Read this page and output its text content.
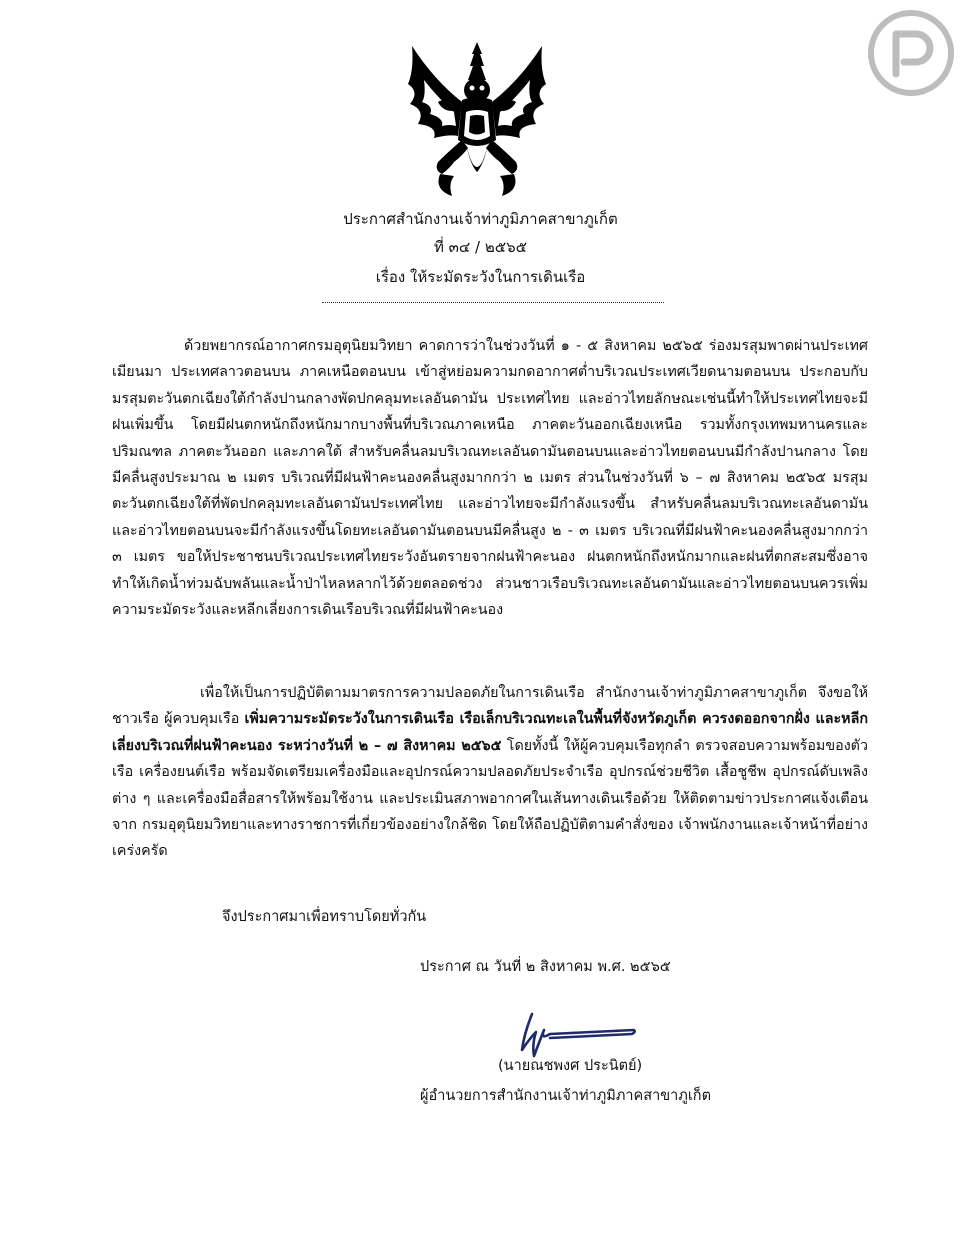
ประกาศสำนักงานเจ้าท่าภูมิภาคสาขาภูเก็ต
ที่ ๓๔ / ๒๕๖๕
เรื่อง ให้ระมัดระวังในการเดินเรือ
ด้วยพยากรณ์อากาศกรมอุตุนิยมวิทยา คาดการว่าในช่วงวันที่ ๑ - ๕ สิงหาคม ๒๕๖๕ ร่องมรสุมพาดผ่านประเทศเมียนมา ประเทศลาวตอนบน ภาคเหนือตอนบน เข้าสู่หย่อมความกดอากาศต่ำบริเวณประเทศเวียดนามตอนบน ประกอบกับมรสุมตะวันตกเฉียงใต้กำลังปานกลางพัดปกคลุมทะเลอันดามัน ประเทศไทย และอ่าวไทยลักษณะเช่นนี้ทำให้ประเทศไทยจะมีฝนเพิ่มขึ้น โดยมีฝนตกหนักถึงหนักมากบางพื้นที่บริเวณภาคเหนือ ภาคตะวันออกเฉียงเหนือ รวมทั้งกรุงเทพมหานครและปริมณฑล ภาคตะวันออก และภาคใต้ สำหรับคลื่นลมบริเวณทะเลอันดามันตอนบนและอ่าวไทยตอนบนมีกำลังปานกลาง โดยมีคลื่นสูงประมาณ ๒ เมตร บริเวณที่มีฝนฟ้าคะนองคลื่นสูงมากกว่า ๒ เมตร ส่วนในช่วงวันที่ ๖ – ๗ สิงหาคม ๒๕๖๕ มรสุมตะวันตกเฉียงใต้ที่พัดปกคลุมทะเลอันดามันประเทศไทย และอ่าวไทยจะมีกำลังแรงขึ้น สำหรับคลื่นลมบริเวณทะเลอันดามันและอ่าวไทยตอนบนจะมีกำลังแรงขึ้นโดยทะเลอันดามันตอนบนมีคลื่นสูง ๒ - ๓ เมตร บริเวณที่มีฝนฟ้าคะนองคลื่นสูงมากกว่า ๓ เมตร ขอให้ประชาชนบริเวณประเทศไทยระวังอันตรายจากฝนฟ้าคะนอง ฝนตกหนักถึงหนักมากและฝนที่ตกสะสมซึ่งอาจทำให้เกิดน้ำท่วมฉับพลันและน้ำป่าไหลหลากไว้ด้วยตลอดช่วง ส่วนชาวเรือบริเวณทะเลอันดามันและอ่าวไทยตอนบนควรเพิ่มความระมัดระวังและหลีกเลี่ยงการเดินเรือบริเวณที่มีฝนฟ้าคะนอง
เพื่อให้เป็นการปฏิบัติตามมาตรการความปลอดภัยในการเดินเรือ สำนักงานเจ้าท่าภูมิภาคสาขาภูเก็ต จึงขอให้ชาวเรือ ผู้ควบคุมเรือ เพิ่มความระมัดระวังในการเดินเรือ เรือเล็กบริเวณทะเลในพื้นที่จังหวัดภูเก็ต ควรงดออกจากฝั่ง และหลีกเลี่ยงบริเวณที่ฝนฟ้าคะนอง ระหว่างวันที่ ๒ – ๗ สิงหาคม ๒๕๖๕ โดยทั้งนี้ ให้ผู้ควบคุมเรือทุกลำ ตรวจสอบความพร้อมของตัวเรือ เครื่องยนต์เรือ พร้อมจัดเตรียมเครื่องมือและอุปกรณ์ความปลอดภัยประจำเรือ อุปกรณ์ช่วยชีวิต เสื้อชูชีพ อุปกรณ์ดับเพลิงต่าง ๆ และเครื่องมือสื่อสารให้พร้อมใช้งาน และประเมินสภาพอากาศในเส้นทางเดินเรือด้วย ให้ติดตามข่าวประกาศแจ้งเตือนจาก กรมอุตุนิยมวิทยาและทางราชการที่เกี่ยวข้องอย่างใกล้ชิด โดยให้ถือปฏิบัติตามคำสั่งของ เจ้าพนักงานและเจ้าหน้าที่อย่างเคร่งครัด
จึงประกาศมาเพื่อทราบโดยทั่วกัน
ประกาศ ณ วันที่ ๒ สิงหาคม พ.ศ. ๒๕๖๕
(นายณชพงศ ประนิตย์)
ผู้อำนวยการสำนักงานเจ้าท่าภูมิภาคสาขาภูเก็ต
